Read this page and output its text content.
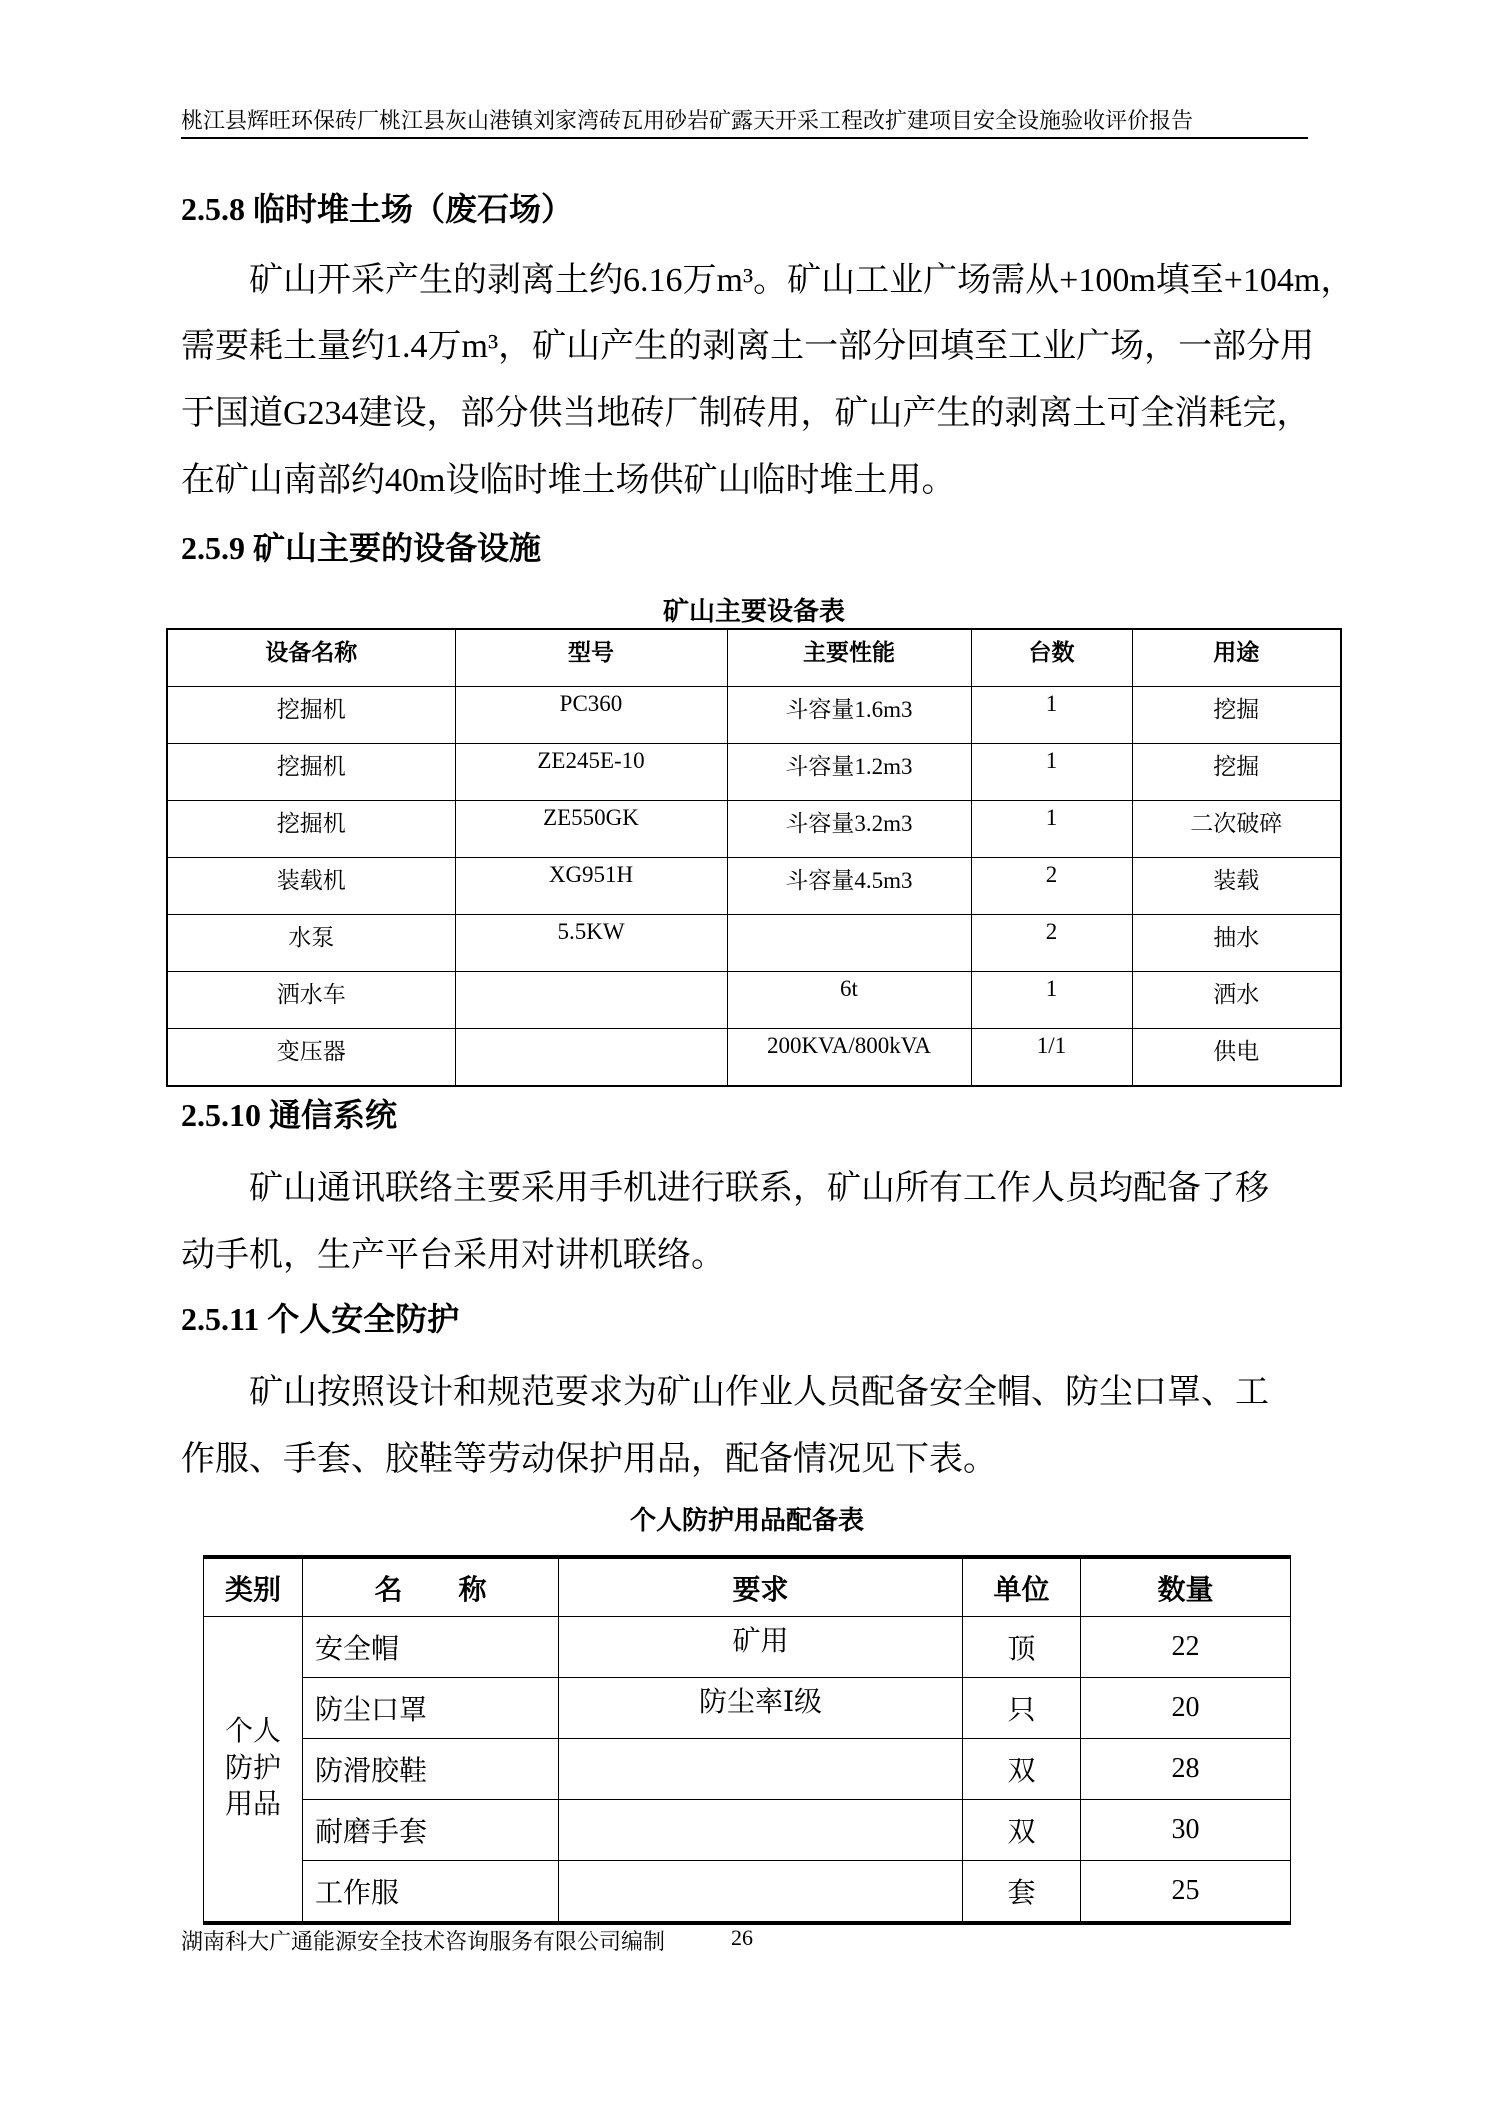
桃江县辉旺环保砖厂桃江县灰山港镇刘家湾砖瓦用砂岩矿露天开采工程改扩建项目安全设施验收评价报告
2.5.8 临时堆土场（废石场）
矿山开采产生的剥离土约6.16万m³。矿山工业广场需从+100m填至+104m，
需要耗土量约1.4万m³，矿山产生的剥离土一部分回填至工业广场，一部分用
于国道G234建设，部分供当地砖厂制砖用，矿山产生的剥离土可全消耗完，
在矿山南部约40m设临时堆土场供矿山临时堆土用。
2.5.9 矿山主要的设备设施
矿山主要设备表
设备名称	型号	主要性能	台数	用途
挖掘机	PC360	斗容量1.6m3	1	挖掘
挖掘机	ZE245E-10	斗容量1.2m3	1	挖掘
挖掘机	ZE550GK	斗容量3.2m3	1	二次破碎
装载机	XG951H	斗容量4.5m3	2	装载
水泵	5.5KW		2	抽水
洒水车		6t	1	洒水
变压器		200KVA/800kVA	1/1	供电
2.5.10 通信系统
矿山通讯联络主要采用手机进行联系，矿山所有工作人员均配备了移
动手机，生产平台采用对讲机联络。
2.5.11 个人安全防护
矿山按照设计和规范要求为矿山作业人员配备安全帽、防尘口罩、工
作服、手套、胶鞋等劳动保护用品，配备情况见下表。
个人防护用品配备表
类别	名　　称	要求	单位	数量
个人防护用品	安全帽	矿用	顶	22
	防尘口罩	防尘率Ⅰ级	只	20
	防滑胶鞋		双	28
	耐磨手套		双	30
	工作服		套	25
湖南科大广通能源安全技术咨询服务有限公司编制	26
